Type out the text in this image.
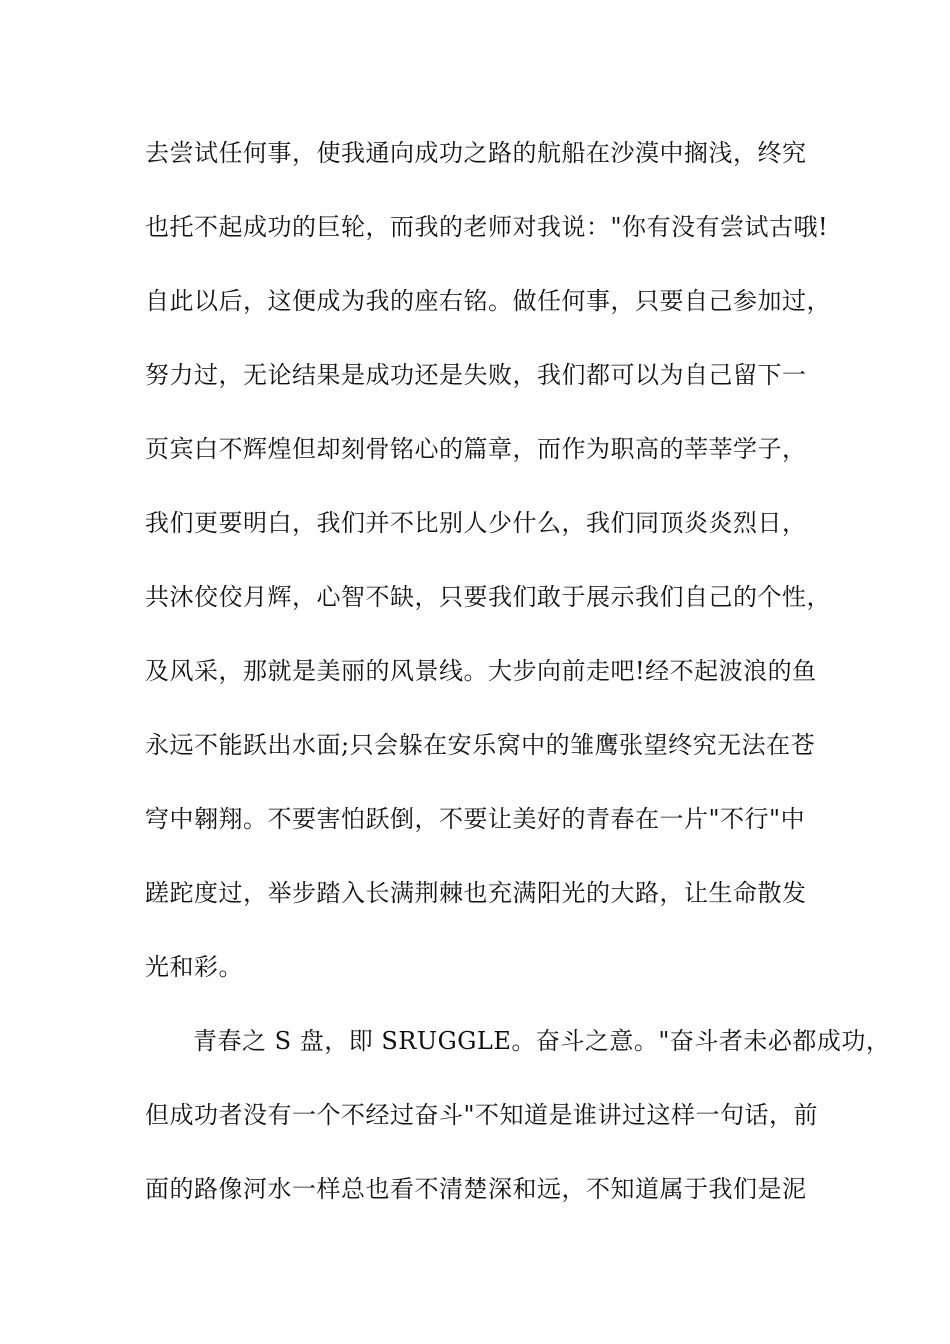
去尝试任何事，使我通向成功之路的航船在沙漠中搁浅，终究
也托不起成功的巨轮，而我的老师对我说："你有没有尝试古哦!
自此以后，这便成为我的座右铭。做任何事，只要自己参加过，
努力过，无论结果是成功还是失败，我们都可以为自己留下一
页宾白不辉煌但却刻骨铭心的篇章，而作为职高的莘莘学子，
我们更要明白，我们并不比别人少什么，我们同顶炎炎烈日，
共沐佼佼月辉，心智不缺，只要我们敢于展示我们自己的个性，
及风采，那就是美丽的风景线。大步向前走吧!经不起波浪的鱼
永远不能跃出水面;只会躲在安乐窝中的雏鹰张望终究无法在苍
穹中翱翔。不要害怕跃倒，不要让美好的青春在一片"不行"中
蹉跎度过，举步踏入长满荆棘也充满阳光的大路，让生命散发
光和彩。
青春之 S 盘，即 SRUGGLE。奋斗之意。"奋斗者未必都成功，
但成功者没有一个不经过奋斗"不知道是谁讲过这样一句话，前
面的路像河水一样总也看不清楚深和远，不知道属于我们是泥
